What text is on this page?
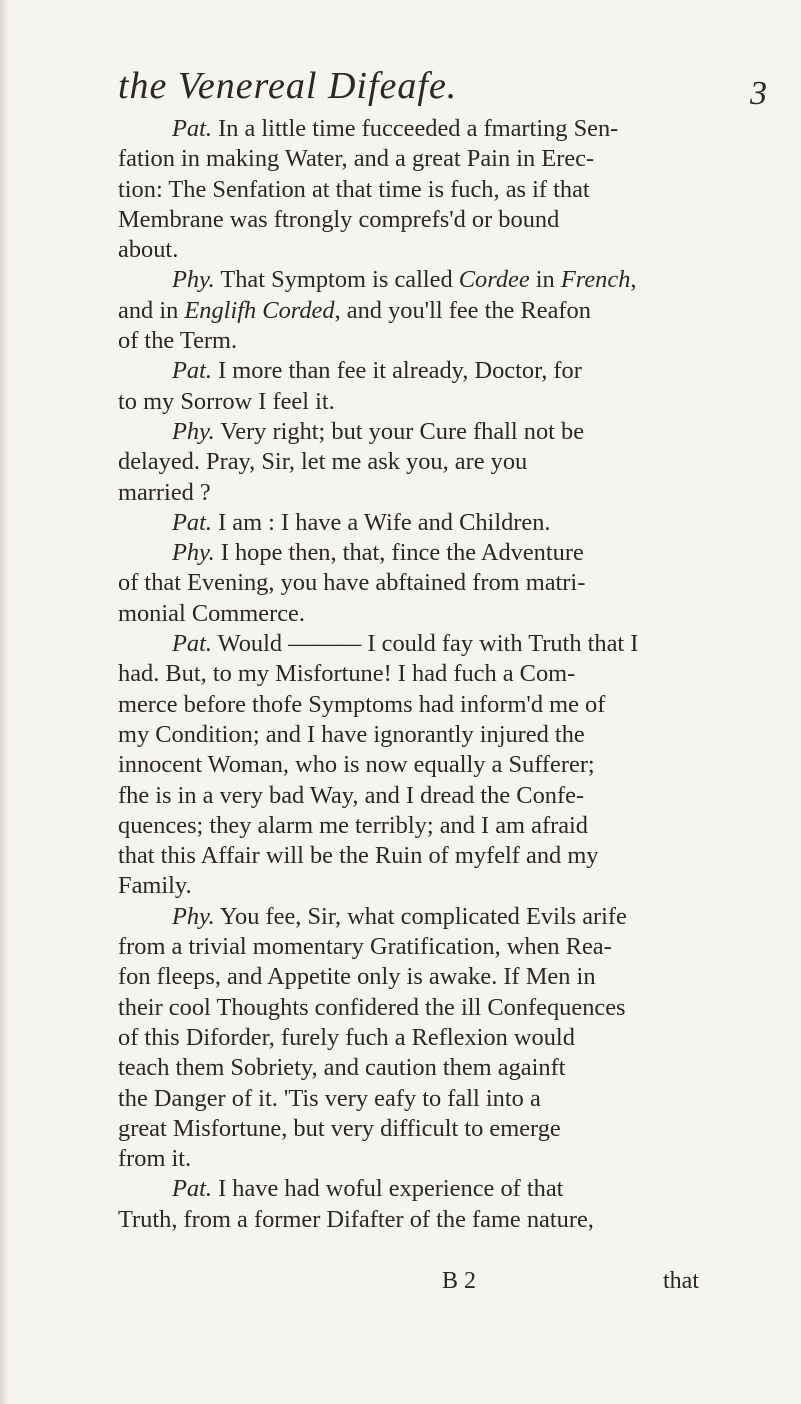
the Venereal Difeafe.	3
Pat. In a little time fucceeded a fmarting Sen-
fation in making Water, and a great Pain in Erec-
tion: The Senfation at that time is fuch, as if that
Membrane was ftrongly comprefs'd or bound
about.
Phy. That Symptom is called Cordee in French,
and in Englifh Corded, and you'll fee the Reafon
of the Term.
Pat. I more than fee it already, Doctor, for
to my Sorrow I feel it.
Phy. Very right; but your Cure fhall not be
delayed. Pray, Sir, let me ask you, are you
married ?
Pat. I am : I have a Wife and Children.
Phy. I hope then, that, fince the Adventure
of that Evening, you have abftained from matri-
monial Commerce.
Pat. Would ——— I could fay with Truth that I
had. But, to my Misfortune! I had fuch a Com-
merce before thofe Symptoms had inform'd me of
my Condition; and I have ignorantly injured the
innocent Woman, who is now equally a Sufferer;
fhe is in a very bad Way, and I dread the Confe-
quences; they alarm me terribly; and I am afraid
that this Affair will be the Ruin of myfelf and my
Family.
Phy. You fee, Sir, what complicated Evils arife
from a trivial momentary Gratification, when Rea-
fon fleeps, and Appetite only is awake. If Men in
their cool Thoughts confidered the ill Confequences
of this Diforder, furely fuch a Reflexion would
teach them Sobriety, and caution them againft
the Danger of it. 'Tis very eafy to fall into a
great Misfortune, but very difficult to emerge
from it.
Pat. I have had woful experience of that
Truth, from a former Difafter of the fame nature,
B 2	that
